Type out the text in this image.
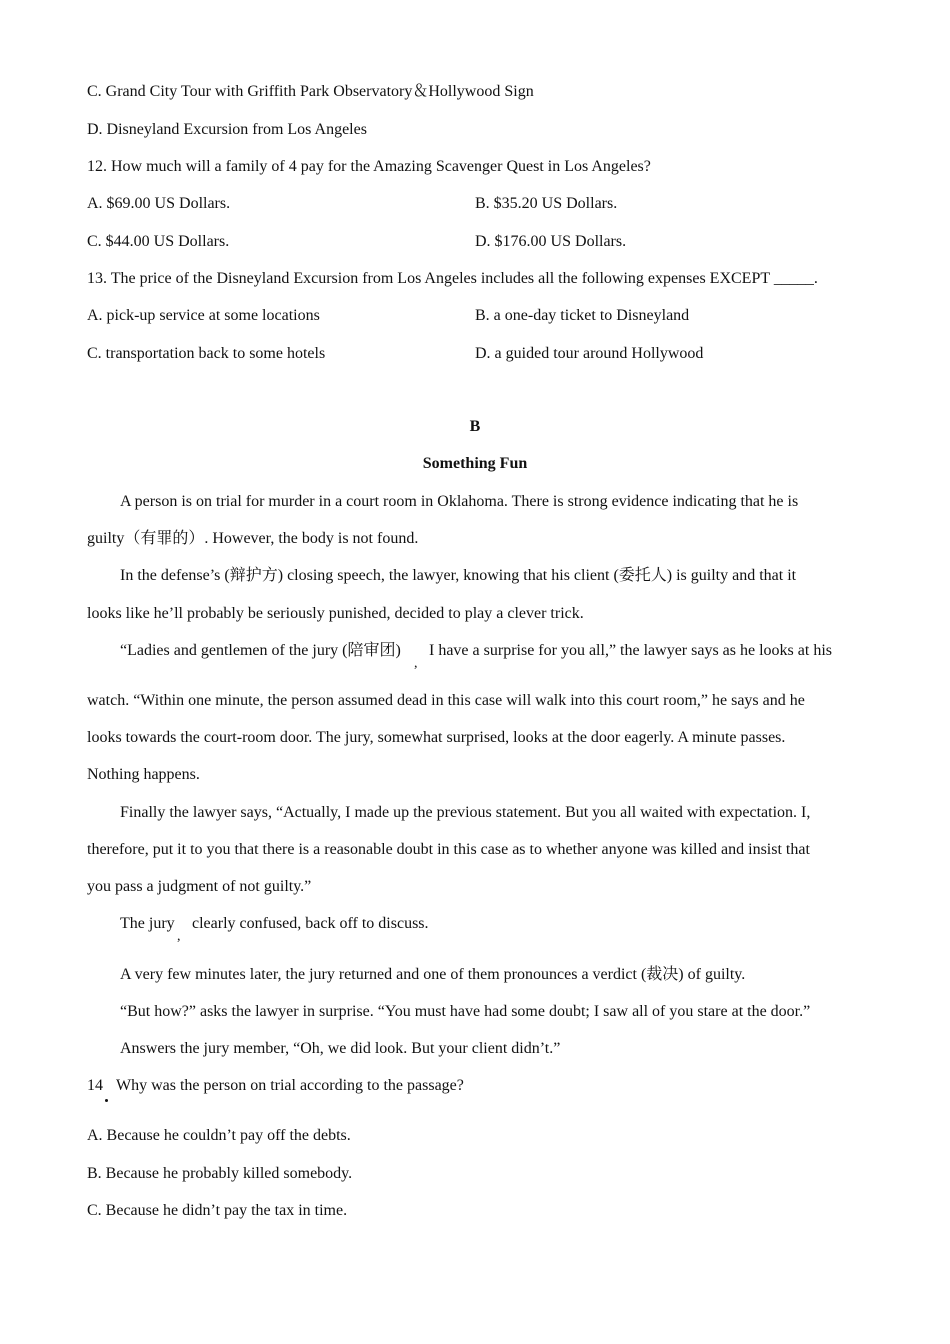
C. Grand City Tour with Griffith Park Observatory＆Hollywood Sign
D. Disneyland Excursion from Los Angeles
12. How much will a family of 4 pay for the Amazing Scavenger Quest in Los Angeles?
A. $69.00 US Dollars.	B. $35.20 US Dollars.
C. $44.00 US Dollars.	D. $176.00 US Dollars.
13. The price of the Disneyland Excursion from Los Angeles includes all the following expenses EXCEPT _____.
A. pick-up service at some locations	B. a one-day ticket to Disneyland
C. transportation back to some hotels	D. a guided tour around Hollywood
B
Something Fun
A person is on trial for murder in a court room in Oklahoma. There is strong evidence indicating that he is
guilty（有罪的）. However, the body is not found.
In the defense’s (辩护方) closing speech, the lawyer, knowing that his client (委托人) is guilty and that it
looks like he’ll probably be seriously punished, decided to play a clever trick.
“Ladies and gentlemen of the jury (陪审团)
,
I have a surprise for you all,” the lawyer says as he looks at his
watch. “Within one minute, the person assumed dead in this case will walk into this court room,” he says and he
looks towards the court-room door. The jury, somewhat surprised, looks at the door eagerly. A minute passes.
Nothing happens.
Finally the lawyer says, “Actually, I made up the previous statement. But you all waited with expectation. I,
therefore, put it to you that there is a reasonable doubt in this case as to whether anyone was killed and insist that
you pass a judgment of not guilty.”
The jury
,
clearly confused, back off to discuss.
A very few minutes later, the jury returned and one of them pronounces a verdict (裁决) of guilty.
“But how?” asks the lawyer in surprise. “You must have had some doubt; I saw all of you stare at the door.”
Answers the jury member, “Oh, we did look. But your client didn’t.”
14 Why was the person on trial according to the passage?
A. Because he couldn’t pay off the debts.
B. Because he probably killed somebody.
C. Because he didn’t pay the tax in time.
